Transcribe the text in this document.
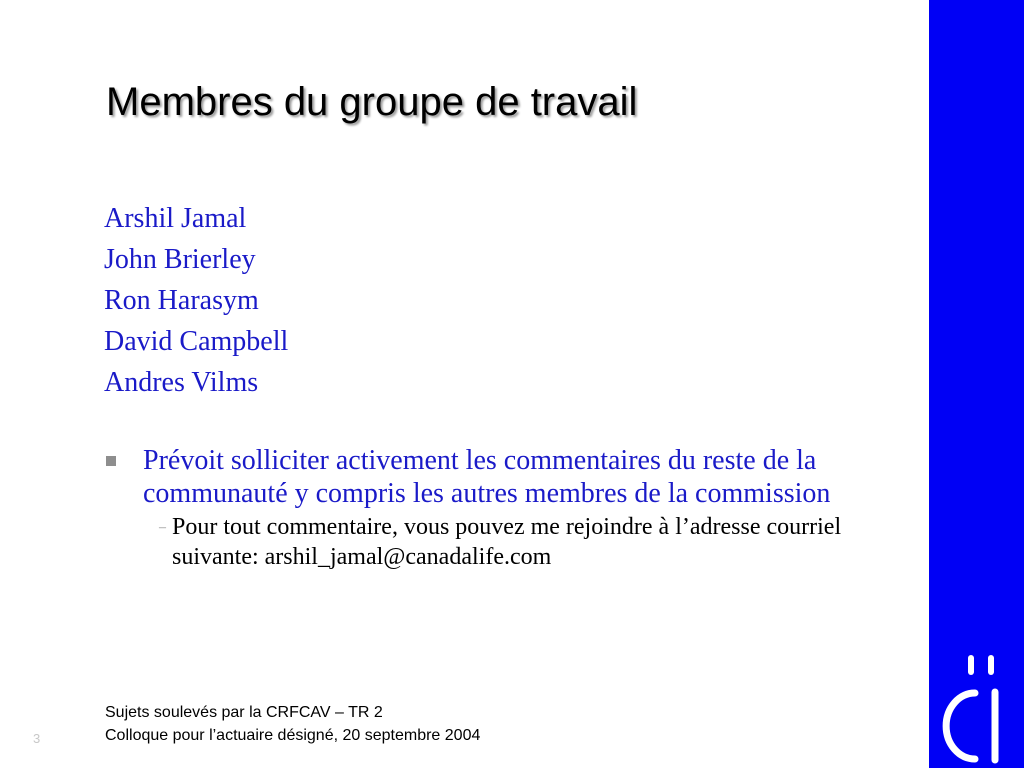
Membres du groupe de travail
Arshil Jamal
John Brierley
Ron Harasym
David Campbell
Andres Vilms
Prévoit solliciter activement les commentaires du reste de la communauté y compris les autres membres de la commission
– Pour tout commentaire, vous pouvez me rejoindre à l’adresse courriel suivante: arshil_jamal@canadalife.com
Sujets soulevés par la CRFCAV – TR 2
Colloque pour l’actuaire désigné, 20 septembre 2004
3
